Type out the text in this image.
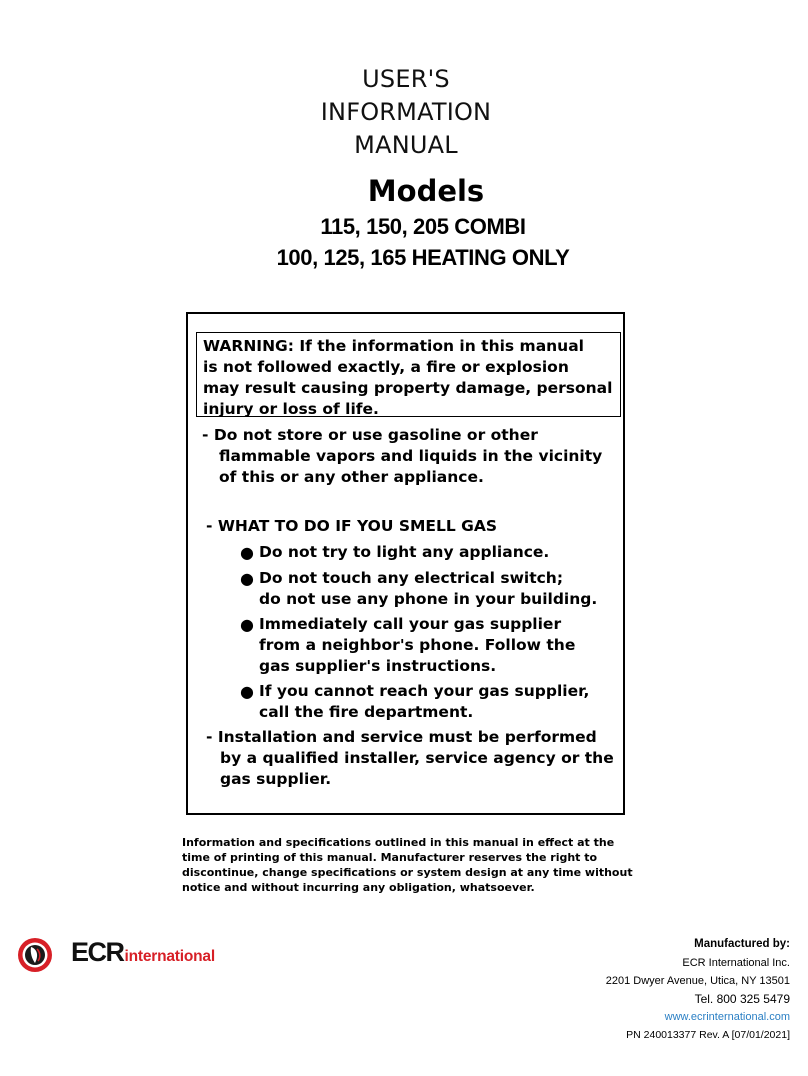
USER'S
INFORMATION
MANUAL
Models
115, 150, 205 COMBI
100, 125, 165 HEATING ONLY
WARNING: If the information in this manual
is not followed exactly, a fire or explosion
may result causing property damage, personal
injury or loss of life.
- Do not store or use gasoline or other
flammable vapors and liquids in the vicinity
of this or any other appliance.
- WHAT TO DO IF YOU SMELL GAS
● Do not try to light any appliance.
● Do not touch any electrical switch;
do not use any phone in your building.
● Immediately call your gas supplier
from a neighbor's phone. Follow the
gas supplier's instructions.
● If you cannot reach your gas supplier,
call the fire department.
- Installation and service must be performed
by a qualified installer, service agency or the
gas supplier.
Information and specifications outlined in this manual in effect at the
time of printing of this manual. Manufacturer reserves the right to
discontinue, change specifications or system design at any time without
notice and without incurring any obligation, whatsoever.
ECRinternational
Manufactured by:
ECR International Inc.
2201 Dwyer Avenue, Utica, NY 13501
Tel. 800 325 5479
www.ecrinternational.com
PN 240013377 Rev. A [07/01/2021]
